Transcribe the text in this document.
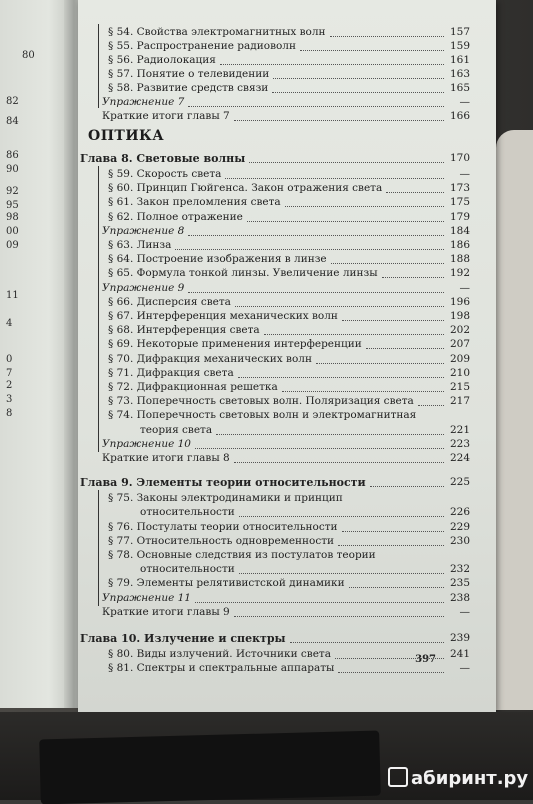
80
82
84
86
90
92
95
98
00
09
11
4
0
7
2
3
8
ОПТИКА
397
§ 54. Свойства электромагнитных волн	157
§ 55. Распространение радиоволн	159
§ 56. Радиолокация	161
§ 57. Понятие о телевидении	163
§ 58. Развитие средств связи	165
Упражнение 7	—
Краткие итоги главы 7	166
Глава 8. Световые волны	170
§ 59. Скорость света	—
§ 60. Принцип Гюйгенса. Закон отражения света	173
§ 61. Закон преломления света	175
§ 62. Полное отражение	179
Упражнение 8	184
§ 63. Линза	186
§ 64. Построение изображения в линзе	188
§ 65. Формула тонкой линзы. Увеличение линзы	192
Упражнение 9	—
§ 66. Дисперсия света	196
§ 67. Интерференция механических волн	198
§ 68. Интерференция света	202
§ 69. Некоторые применения интерференции	207
§ 70. Дифракция механических волн	209
§ 71. Дифракция света	210
§ 72. Дифракционная решетка	215
§ 73. Поперечность световых волн. Поляризация света	217
§ 74. Поперечность световых волн и электромагнитная
теория света	221
Упражнение 10	223
Краткие итоги главы 8	224
Глава 9. Элементы теории относительности	225
§ 75. Законы электродинамики и принцип
относительности	226
§ 76. Постулаты теории относительности	229
§ 77. Относительность одновременности	230
§ 78. Основные следствия из постулатов теории
относительности	232
§ 79. Элементы релятивистской динамики	235
Упражнение 11	238
Краткие итоги главы 9	—
Глава 10. Излучение и спектры	239
§ 80. Виды излучений. Источники света	241
§ 81. Спектры и спектральные аппараты	—
абиринт.ру
